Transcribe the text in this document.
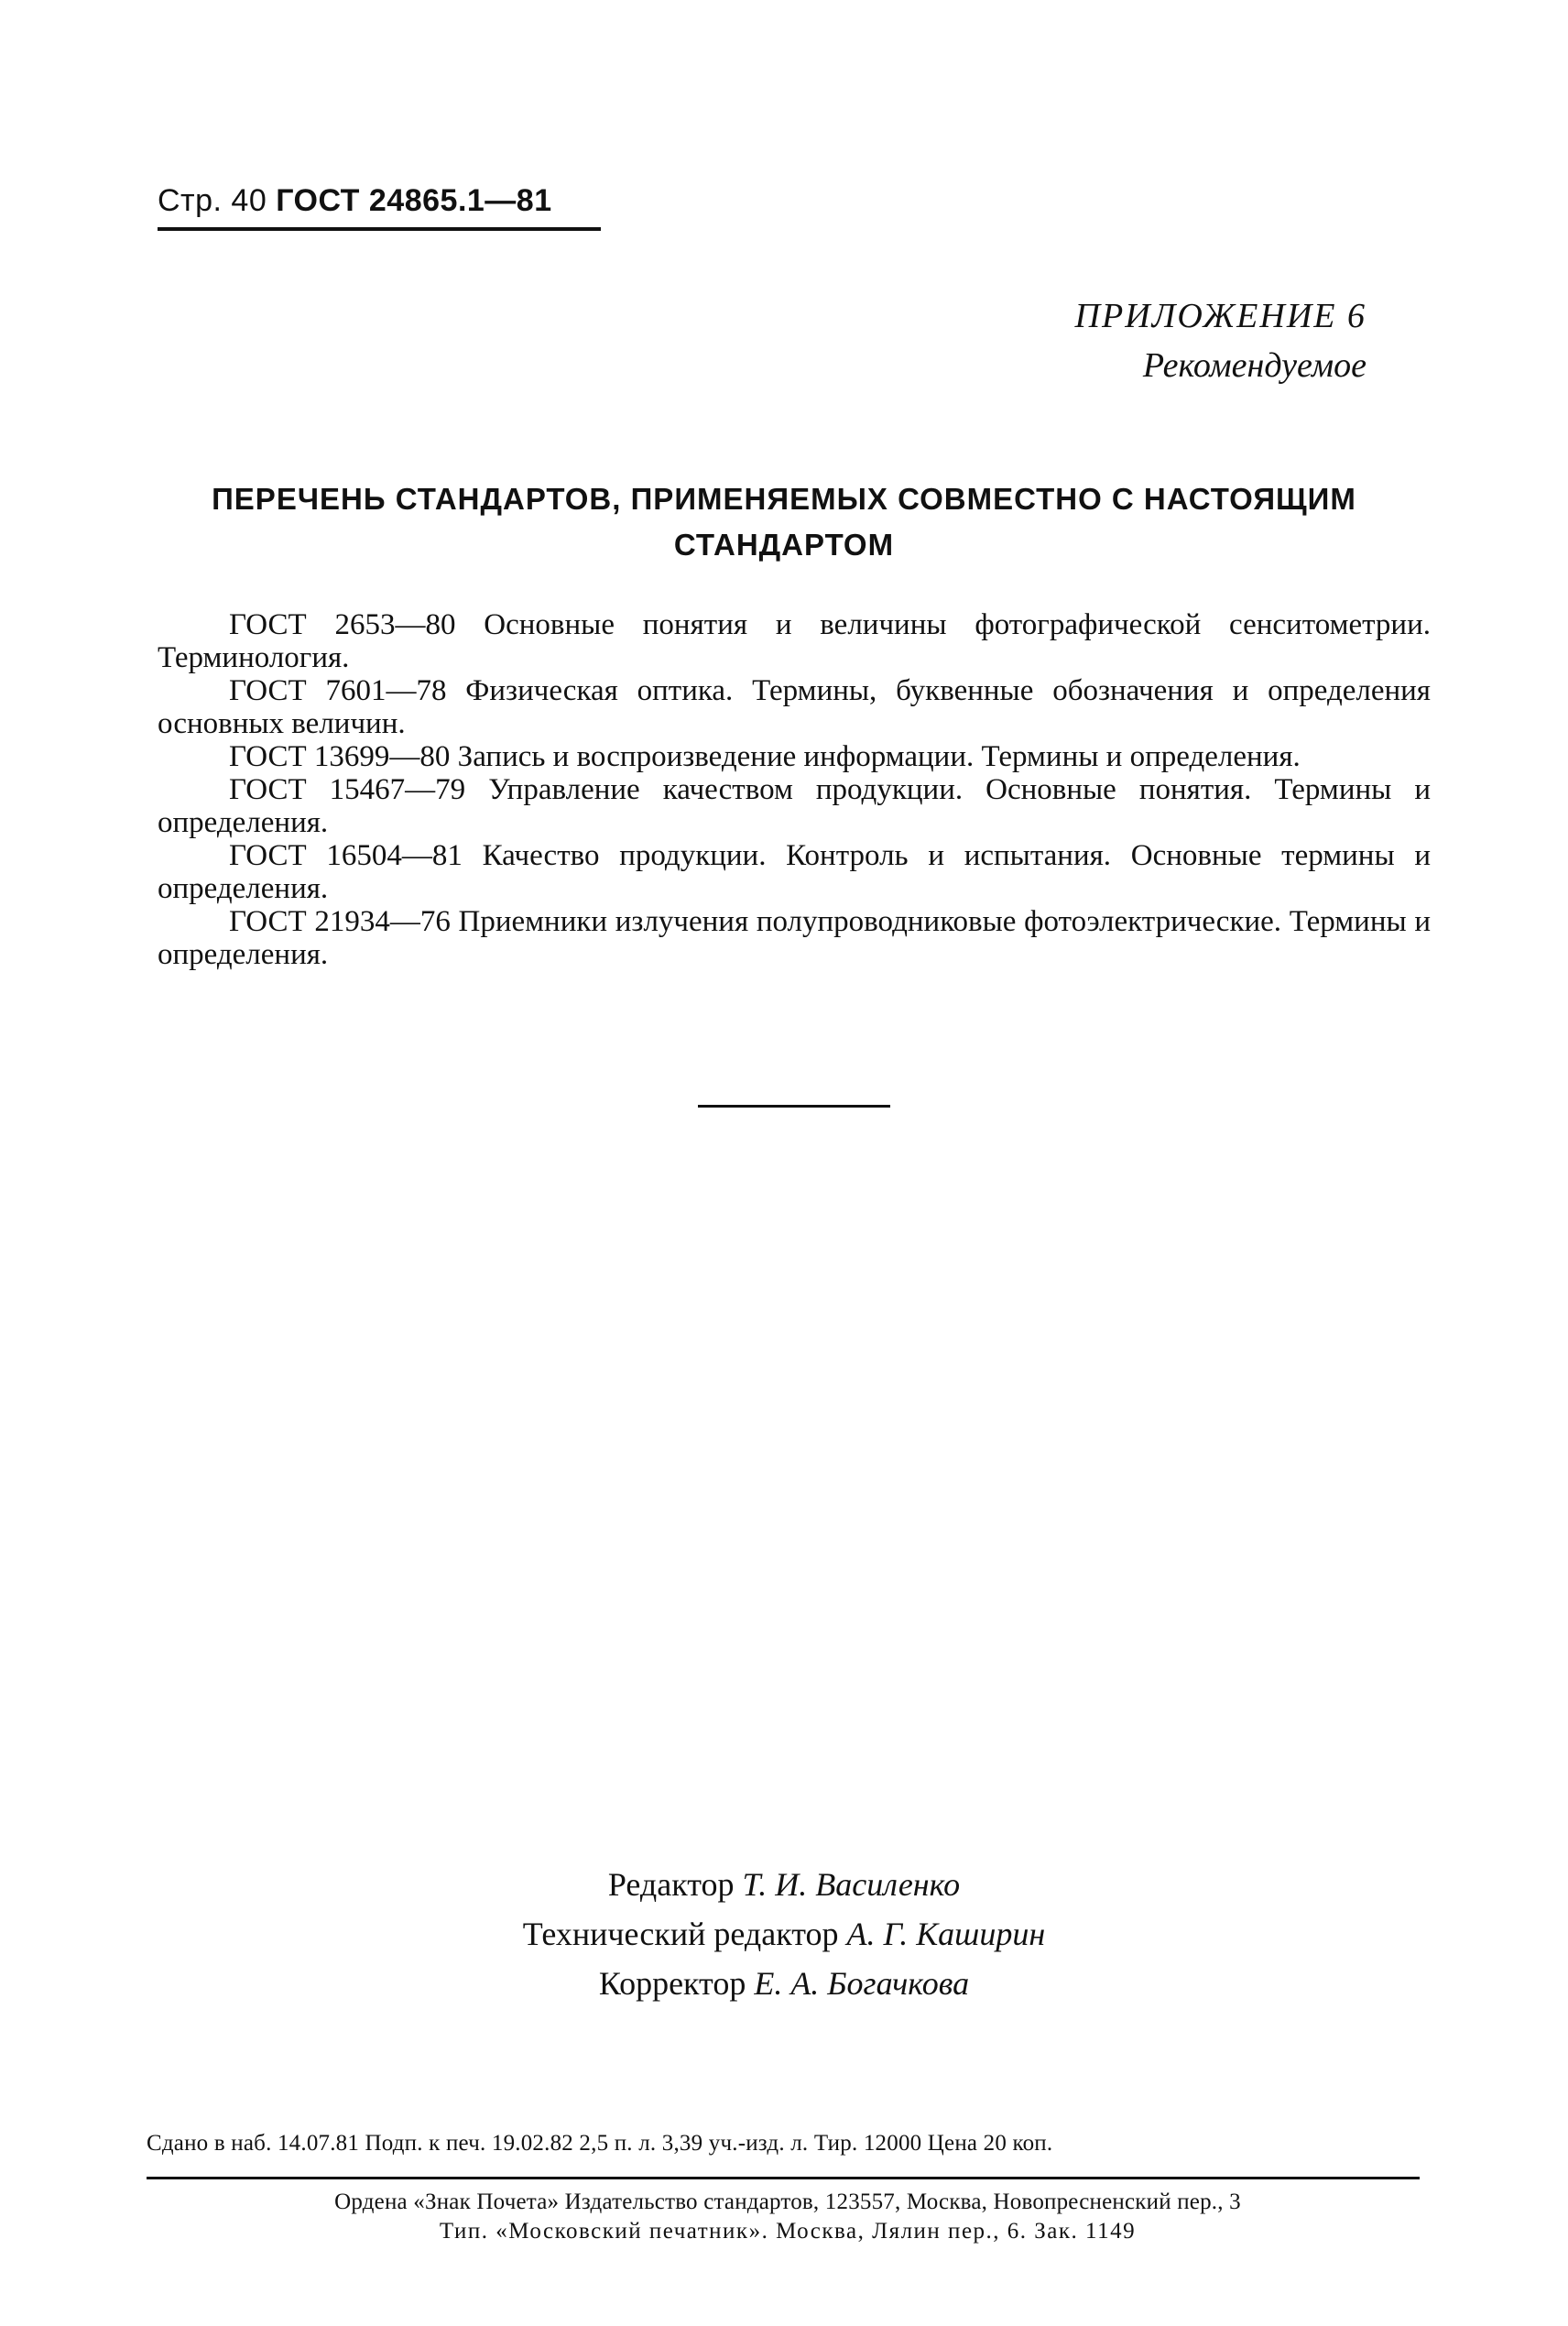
Стр. 40 ГОСТ 24865.1—81
ПРИЛОЖЕНИЕ 6
Рекомендуемое
ПЕРЕЧЕНЬ СТАНДАРТОВ, ПРИМЕНЯЕМЫХ СОВМЕСТНО С НАСТОЯЩИМ
СТАНДАРТОМ

ГОСТ 2653—80 Основные понятия и величины фотографической сенситометрии. Терминология.

ГОСТ 7601—78 Физическая оптика. Термины, буквенные обозначения и определения основных величин.

ГОСТ 13699—80 Запись и воспроизведение информации. Термины и определения.

ГОСТ 15467—79 Управление качеством продукции. Основные понятия. Термины и определения.

ГОСТ 16504—81 Качество продукции. Контроль и испытания. Основные термины и определения.

ГОСТ 21934—76 Приемники излучения полупроводниковые фотоэлектрические. Термины и определения.

Редактор Т. И. Василенко
Технический редактор А. Г. Каширин
Корректор Е. А. Богачкова
Сдано в наб. 14.07.81 Подп. к печ. 19.02.82 2,5 п. л. 3,39 уч.-изд. л. Тир. 12000 Цена 20 коп.
Ордена «Знак Почета» Издательство стандартов, 123557, Москва, Новопресненский пер., 3
Тип. «Московский печатник». Москва, Лялин пер., 6. Зак. 1149
